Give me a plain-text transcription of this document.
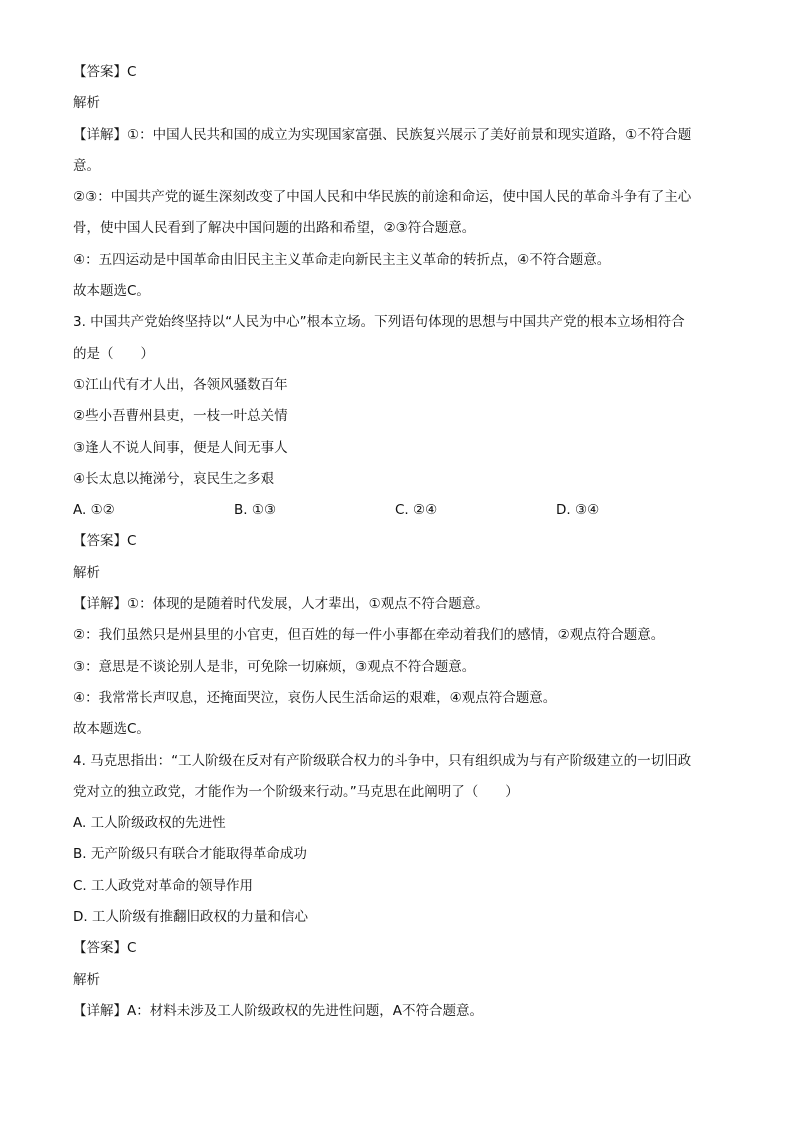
【答案】C
解析
【详解】①：中国人民共和国的成立为实现国家富强、民族复兴展示了美好前景和现实道路，①不符合题
意。
②③：中国共产党的诞生深刻改变了中国人民和中华民族的前途和命运，使中国人民的革命斗争有了主心
骨，使中国人民看到了解决中国问题的出路和希望，②③符合题意。
④：五四运动是中国革命由旧民主主义革命走向新民主主义革命的转折点，④不符合题意。
故本题选C。
3. 中国共产党始终坚持以“人民为中心”根本立场。下列语句体现的思想与中国共产党的根本立场相符合
的是（　　）
①江山代有才人出，各领风骚数百年
②些小吾曹州县吏，一枝一叶总关情
③逢人不说人间事，便是人间无事人
④长太息以掩涕兮，哀民生之多艰
A. ①②	B. ①③	C. ②④	D. ③④
【答案】C
解析
【详解】①：体现的是随着时代发展，人才辈出，①观点不符合题意。
②：我们虽然只是州县里的小官吏，但百姓的每一件小事都在牵动着我们的感情，②观点符合题意。
③：意思是不谈论别人是非，可免除一切麻烦，③观点不符合题意。
④：我常常长声叹息，还掩面哭泣，哀伤人民生活命运的艰难，④观点符合题意。
故本题选C。
4. 马克思指出：“工人阶级在反对有产阶级联合权力的斗争中，只有组织成为与有产阶级建立的一切旧政
党对立的独立政党，才能作为一个阶级来行动。”马克思在此阐明了（　　）
A. 工人阶级政权的先进性
B. 无产阶级只有联合才能取得革命成功
C. 工人政党对革命的领导作用
D. 工人阶级有推翻旧政权的力量和信心
【答案】C
解析
【详解】A：材料未涉及工人阶级政权的先进性问题，A不符合题意。
